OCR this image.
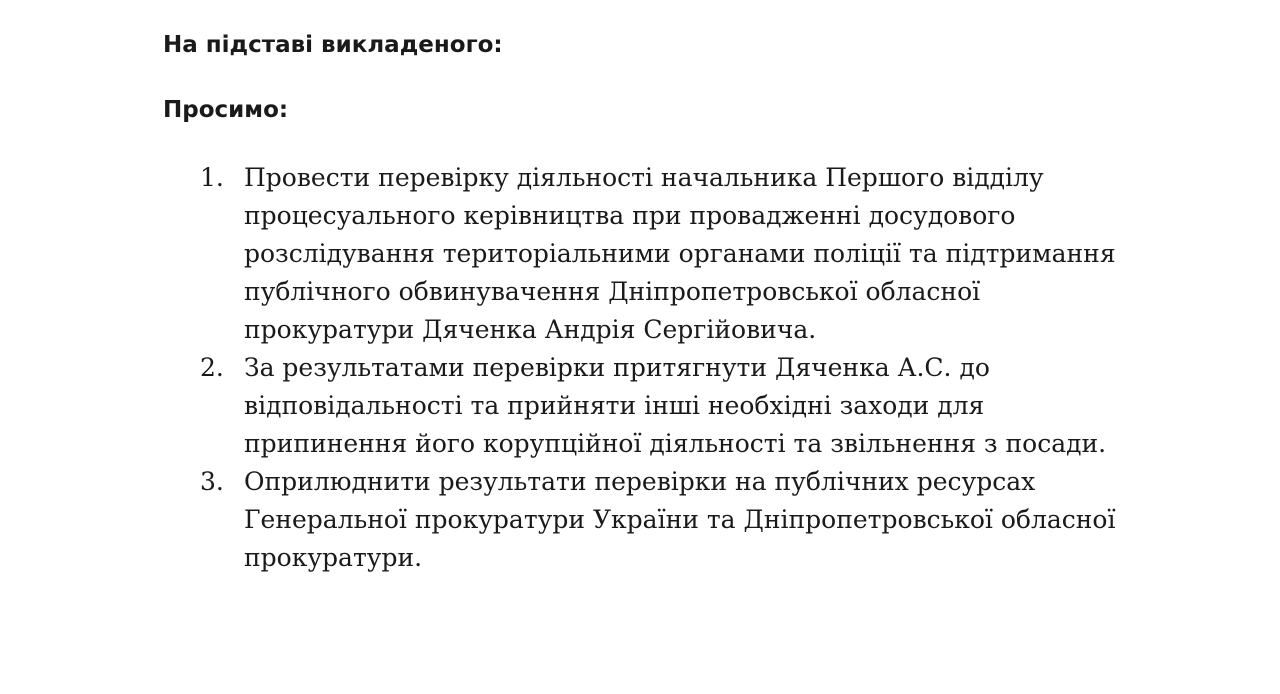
На підставі викладеного:

Просимо:

1. Провести перевірку діяльності начальника Першого відділу
процесуального керівництва при провадженні досудового
розслідування територіальними органами поліції та підтримання
публічного обвинувачення Дніпропетровської обласної
прокуратури Дяченка Андрія Сергійовича.
2. За результатами перевірки притягнути Дяченка А.С. до
відповідальності та прийняти інші необхідні заходи для
припинення його корупційної діяльності та звільнення з посади.
3. Оприлюднити результати перевірки на публічних ресурсах
Генеральної прокуратури України та Дніпропетровської обласної
прокуратури.
